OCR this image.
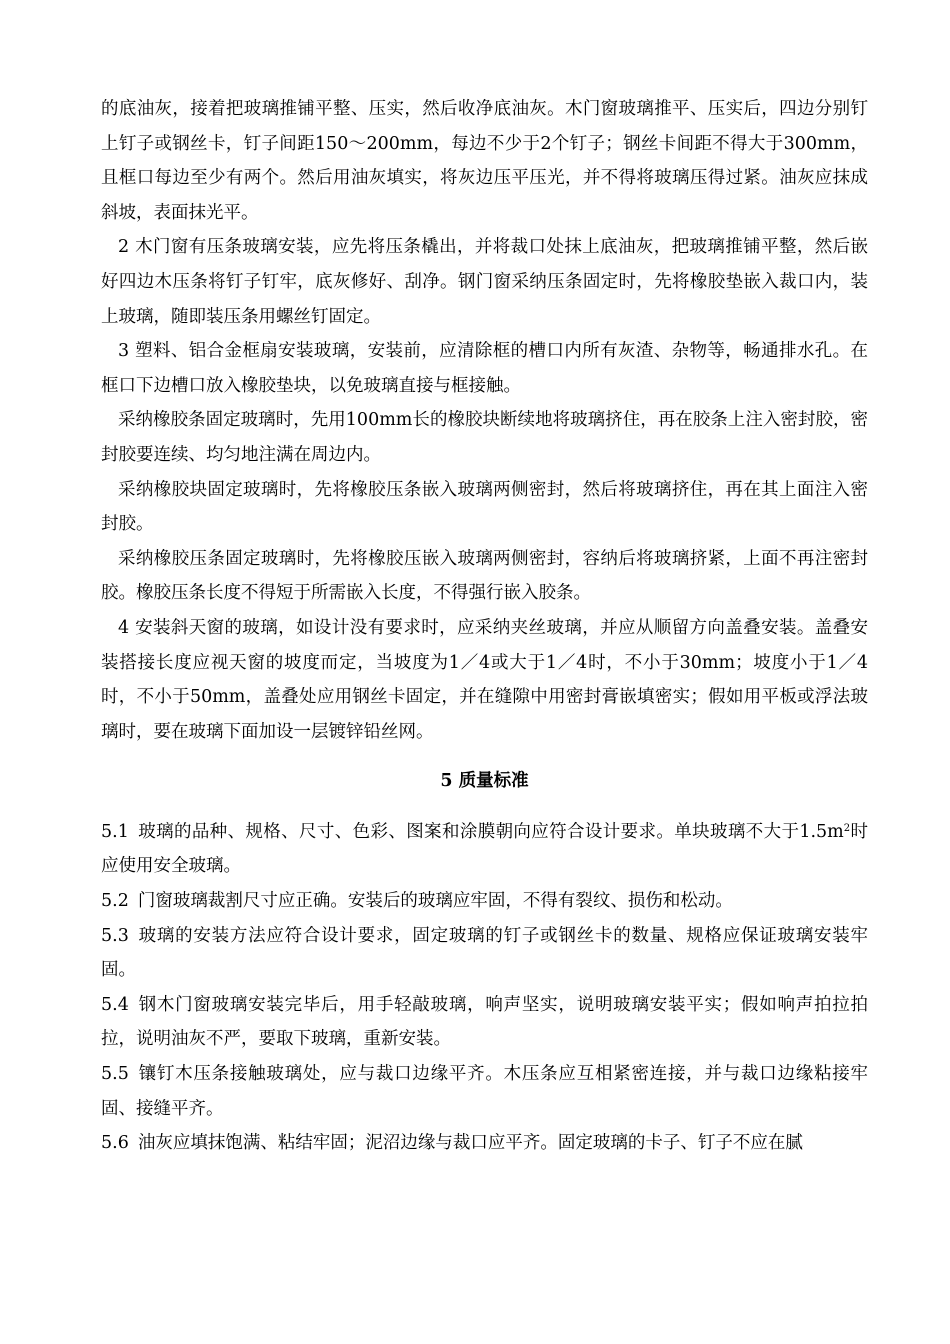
的底油灰，接着把玻璃推铺平整、压实，然后收净底油灰。木门窗玻璃推平、压实后，四边分别钉上钉子或钢丝卡，钉子间距150～200mm，每边不少于2个钉子；钢丝卡间距不得大于300mm，且框口每边至少有两个。然后用油灰填实，将灰边压平压光，并不得将玻璃压得过紧。油灰应抹成斜坡，表面抹光平。

2 木门窗有压条玻璃安装，应先将压条橇出，并将裁口处抹上底油灰，把玻璃推铺平整，然后嵌好四边木压条将钉子钉牢，底灰修好、刮净。钢门窗采纳压条固定时，先将橡胶垫嵌入裁口内，装上玻璃，随即装压条用螺丝钉固定。

3 塑料、铝合金框扇安装玻璃，安装前，应清除框的槽口内所有灰渣、杂物等，畅通排水孔。在框口下边槽口放入橡胶垫块，以免玻璃直接与框接触。

采纳橡胶条固定玻璃时，先用100mm长的橡胶块断续地将玻璃挤住，再在胶条上注入密封胶，密封胶要连续、均匀地注满在周边内。

采纳橡胶块固定玻璃时，先将橡胶压条嵌入玻璃两侧密封，然后将玻璃挤住，再在其上面注入密封胶。

采纳橡胶压条固定玻璃时，先将橡胶压嵌入玻璃两侧密封，容纳后将玻璃挤紧，上面不再注密封胶。橡胶压条长度不得短于所需嵌入长度，不得强行嵌入胶条。

4 安装斜天窗的玻璃，如设计没有要求时，应采纳夹丝玻璃，并应从顺留方向盖叠安装。盖叠安装搭接长度应视天窗的坡度而定，当坡度为1／4或大于1／4时，不小于30mm；坡度小于1／4时，不小于50mm，盖叠处应用钢丝卡固定，并在缝隙中用密封膏嵌填密实；假如用平板或浮法玻璃时，要在玻璃下面加设一层镀锌铅丝网。

5 质量标准

5.1 玻璃的品种、规格、尺寸、色彩、图案和涂膜朝向应符合设计要求。单块玻璃不大于$1.5m^2$时应使用安全玻璃。

5.2 门窗玻璃裁割尺寸应正确。安装后的玻璃应牢固，不得有裂纹、损伤和松动。

5.3 玻璃的安装方法应符合设计要求，固定玻璃的钉子或钢丝卡的数量、规格应保证玻璃安装牢固。

5.4 钢木门窗玻璃安装完毕后，用手轻敲玻璃，响声坚实，说明玻璃安装平实；假如响声拍拉拍拉，说明油灰不严，要取下玻璃，重新安装。

5.5 镶钉木压条接触玻璃处，应与裁口边缘平齐。木压条应互相紧密连接，并与裁口边缘粘接牢固、接缝平齐。

5.6 油灰应填抹饱满、粘结牢固；泥沼边缘与裁口应平齐。固定玻璃的卡子、钉子不应在腻
